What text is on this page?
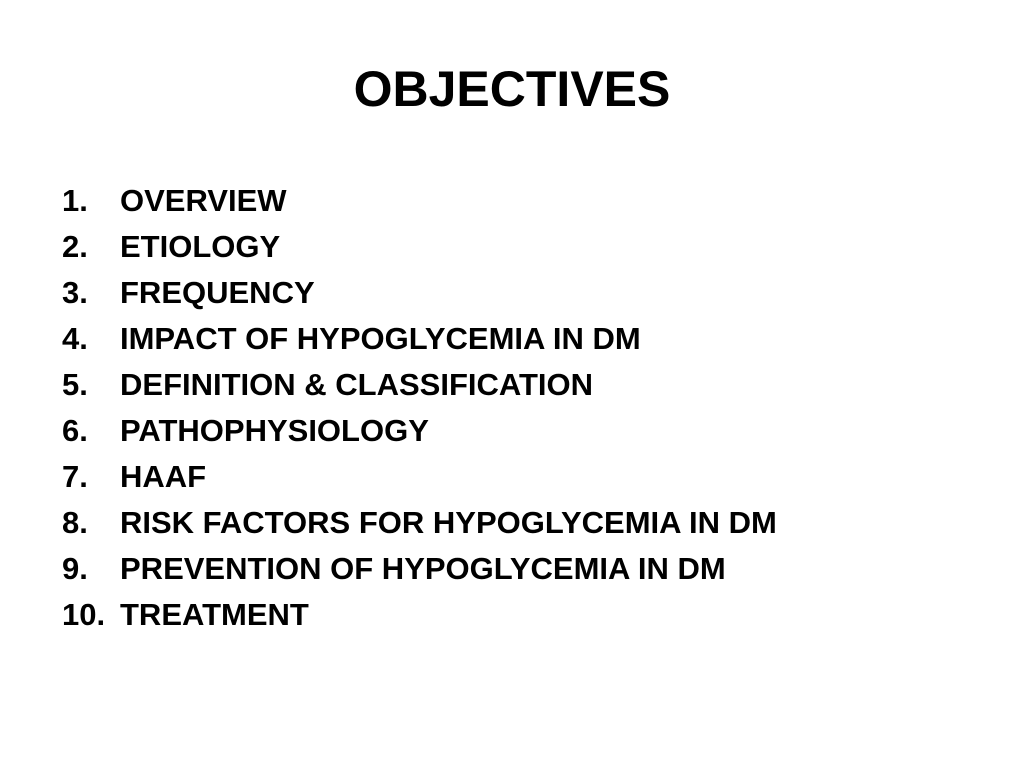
OBJECTIVES
1.	OVERVIEW
2.	ETIOLOGY
3.	FREQUENCY
4.	IMPACT OF HYPOGLYCEMIA IN DM
5.	DEFINITION & CLASSIFICATION
6.	PATHOPHYSIOLOGY
7.	HAAF
8.	RISK FACTORS FOR HYPOGLYCEMIA IN DM
9.	PREVENTION OF HYPOGLYCEMIA IN DM
10. TREATMENT
